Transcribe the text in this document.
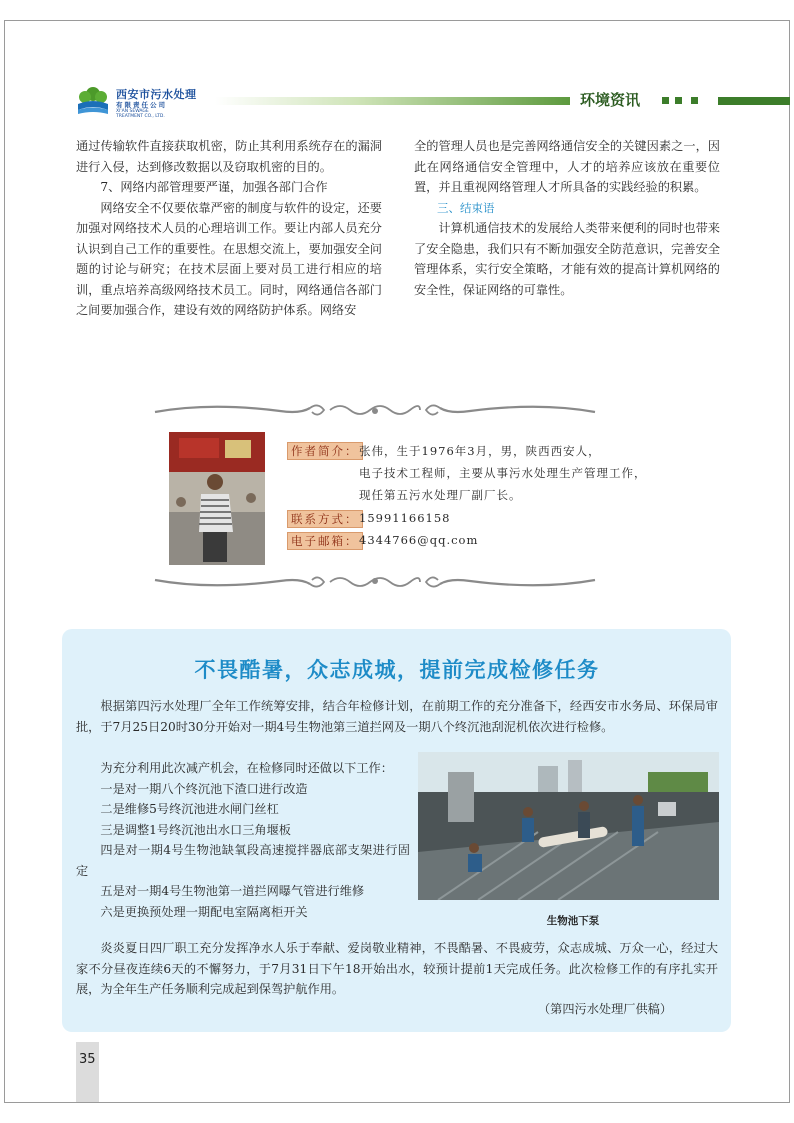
西安市污水处理
有限责任公司
XI'AN SEWAGE
TREATMENT CO., LTD.
环境资讯

通过传输软件直接获取机密，防止其利用系统存在的漏洞进行入侵，达到修改数据以及窃取机密的目的。

7、网络内部管理要严谨，加强各部门合作

网络安全不仅要依靠严密的制度与软件的设定，还要加强对网络技术人员的心理培训工作。要让内部人员充分认识到自己工作的重要性。在思想交流上，要加强安全问题的讨论与研究；在技术层面上要对员工进行相应的培训，重点培养高级网络技术员工。同时，网络通信各部门之间要加强合作，建设有效的网络防护体系。网络安

全的管理人员也是完善网络通信安全的关键因素之一，因此在网络通信安全管理中，人才的培养应该放在重要位置，并且重视网络管理人才所具备的实践经验的积累。

三、结束语

计算机通信技术的发展给人类带来便利的同时也带来了安全隐患，我们只有不断加强安全防范意识，完善安全管理体系，实行安全策略，才能有效的提高计算机网络的安全性，保证网络的可靠性。

作者简介： 张伟，生于1976年3月，男，陕西西安人，
电子技术工程师，主要从事污水处理生产管理工作，
现任第五污水处理厂副厂长。
联系方式： 15991166158
电子邮箱： 4344766@qq.com
不畏酷暑，众志成城，提前完成检修任务

根据第四污水处理厂全年工作统筹安排，结合年检修计划，在前期工作的充分准备下，经西安市水务局、环保局审批，于7月25日20时30分开始对一期4号生物池第三道拦网及一期八个终沉池刮泥机依次进行检修。

为充分利用此次减产机会，在检修同时还做以下工作：

一是对一期八个终沉池下渣口进行改造

二是维修5号终沉池进水闸门丝杠

三是调整1号终沉池出水口三角堰板

四是对一期4号生物池缺氧段高速搅拌器底部支架进行固定

五是对一期4号生物池第一道拦网曝气管进行维修

六是更换预处理一期配电室隔离柜开关

生物池下泵

炎炎夏日四厂职工充分发挥净水人乐于奉献、爱岗敬业精神，不畏酷暑、不畏疲劳，众志成城、万众一心，经过大家不分昼夜连续6天的不懈努力，于7月31日下午18开始出水，较预计提前1天完成任务。此次检修工作的有序扎实开展，为全年生产任务顺利完成起到保驾护航作用。

（第四污水处理厂供稿）
35
